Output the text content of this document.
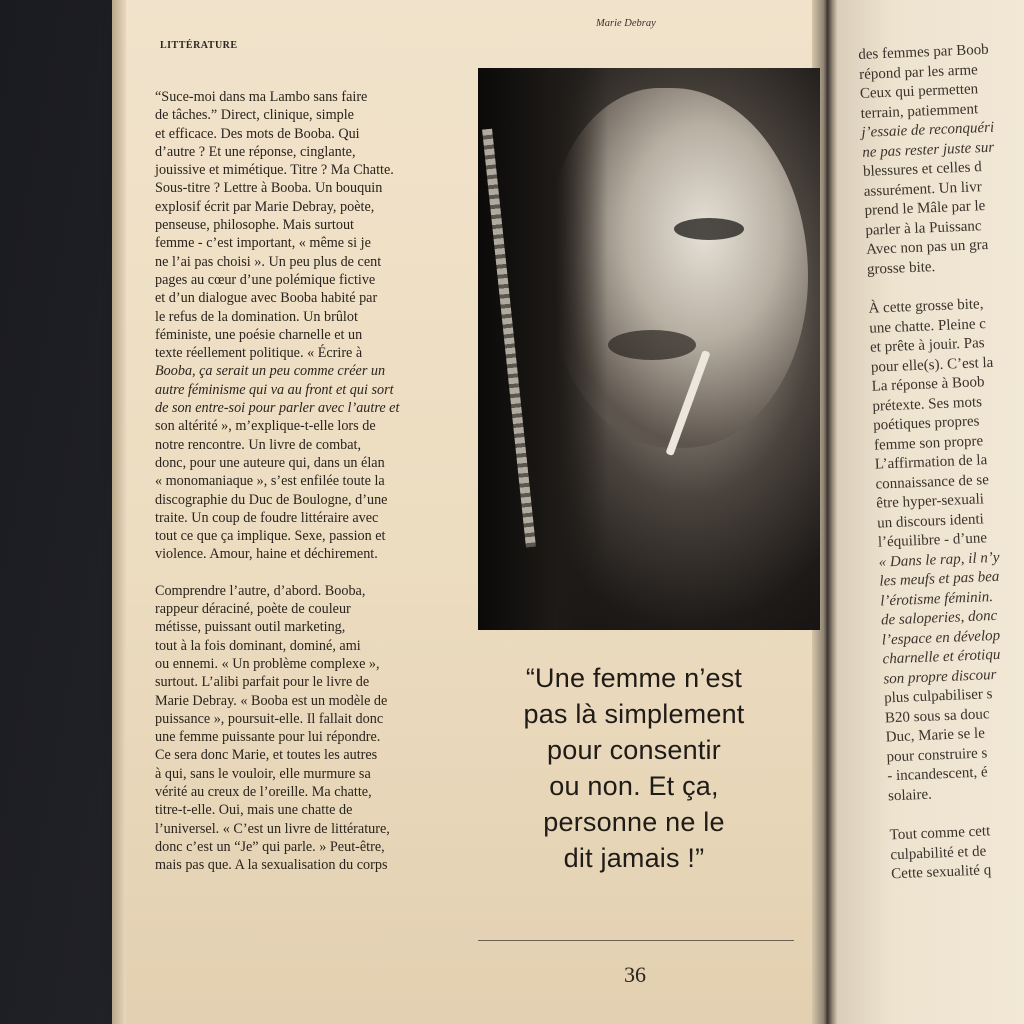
LITTÉRATURE
Marie Debray
“Suce-moi dans ma Lambo sans faire
de tâches.” Direct, clinique, simple
et efficace. Des mots de Booba. Qui
d’autre ? Et une réponse, cinglante,
jouissive et mimétique. Titre ? Ma Chatte.
Sous-titre ? Lettre à Booba. Un bouquin
explosif écrit par Marie Debray, poète,
penseuse, philosophe. Mais surtout
femme - c’est important, « même si je
ne l’ai pas choisi ». Un peu plus de cent
pages au cœur d’une polémique fictive
et d’un dialogue avec Booba habité par
le refus de la domination. Un brûlot
féministe, une poésie charnelle et un
texte réellement politique. « Écrire à
Booba, ça serait un peu comme créer un
autre féminisme qui va au front et qui sort
de son entre-soi pour parler avec l’autre et
son altérité », m’explique-t-elle lors de
notre rencontre. Un livre de combat,
donc, pour une auteure qui, dans un élan
« monomaniaque », s’est enfilée toute la
discographie du Duc de Boulogne, d’une
traite. Un coup de foudre littéraire avec
tout ce que ça implique. Sexe, passion et
violence. Amour, haine et déchirement.
Comprendre l’autre, d’abord. Booba,
rappeur déraciné, poète de couleur
métisse, puissant outil marketing,
tout à la fois dominant, dominé, ami
ou ennemi. « Un problème complexe »,
surtout. L’alibi parfait pour le livre de
Marie Debray. « Booba est un modèle de
puissance », poursuit-elle. Il fallait donc
une femme puissante pour lui répondre.
Ce sera donc Marie, et toutes les autres
à qui, sans le vouloir, elle murmure sa
vérité au creux de l’oreille. Ma chatte,
titre-t-elle. Oui, mais une chatte de
l’universel. « C’est un livre de littérature,
donc c’est un “Je” qui parle. » Peut-être,
mais pas que. A la sexualisation du corps
“Une femme n’est
pas là simplement
pour consentir
ou non. Et ça,
personne ne le
dit jamais !”
36
des femmes par Boob
répond par les arme
Ceux qui permetten
terrain, patiemment
j’essaie de reconquéri
ne pas rester juste sur
blessures et celles d
assurément. Un livr
prend le Mâle par le
parler à la Puissanc
Avec non pas un gra
grosse bite.
À cette grosse bite,
une chatte. Pleine c
et prête à jouir. Pas
pour elle(s). C’est la
La réponse à Boob
prétexte. Ses mots
poétiques propres
femme son propre
L’affirmation de la
connaissance de se
être hyper-sexuali
un discours identi
l’équilibre - d’une
« Dans le rap, il n’y
les meufs et pas bea
l’érotisme féminin.
de saloperies, donc
l’espace en dévelop
charnelle et érotiqu
son propre discour
plus culpabiliser s
B20 sous sa douc
Duc, Marie se le
pour construire s
- incandescent, é
solaire.
Tout comme cett
culpabilité et de
Cette sexualité q
